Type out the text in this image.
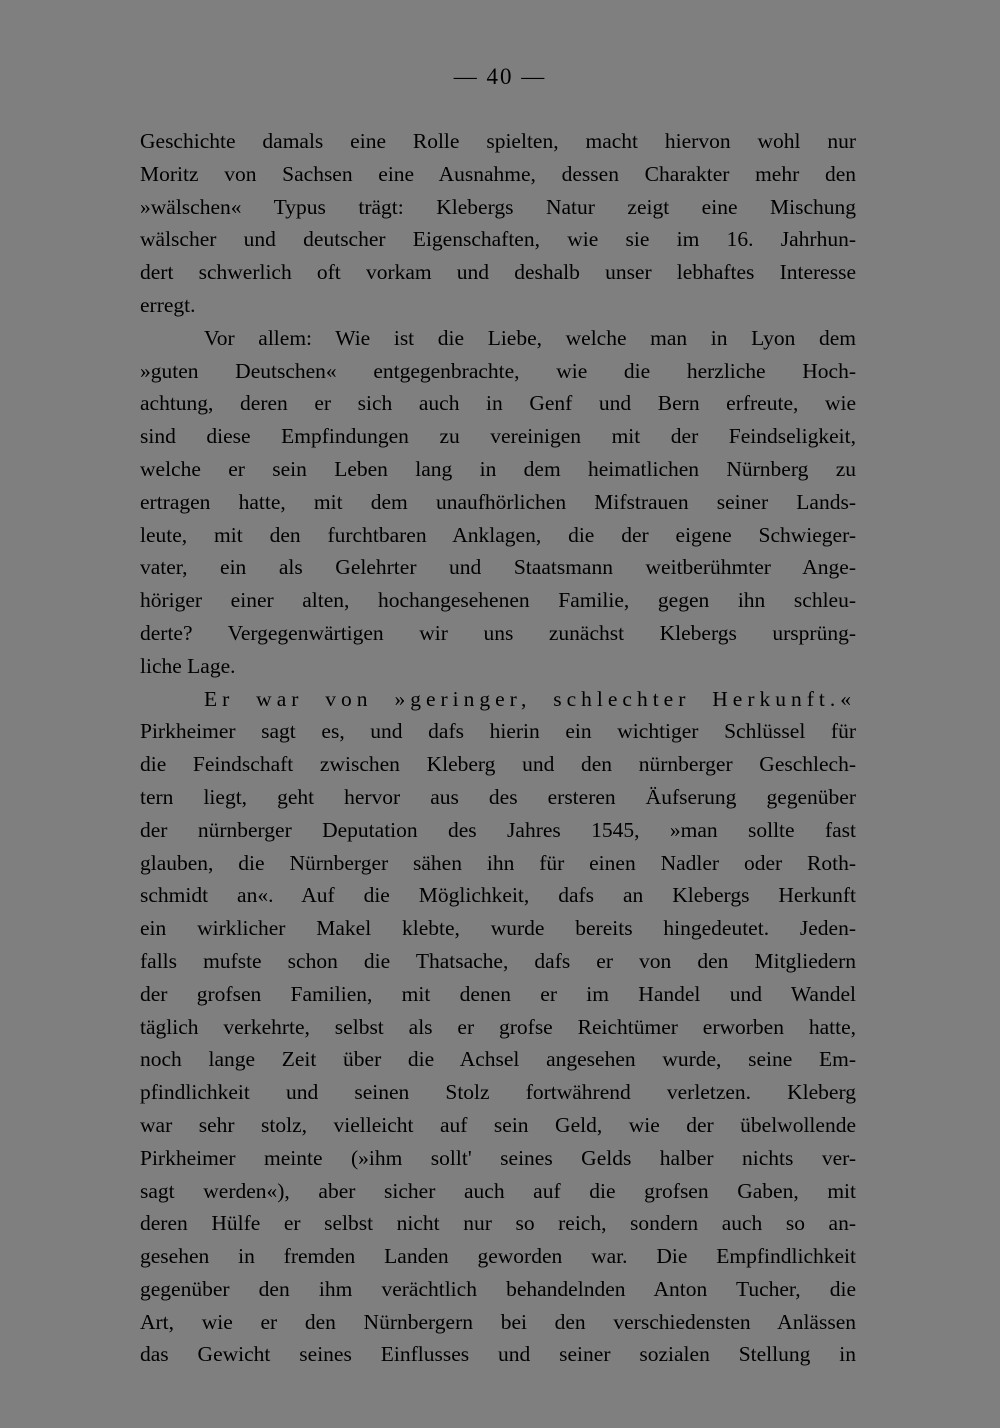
— 40 —
Geschichte damals eine Rolle spielten, macht hiervon wohl nur
Moritz von Sachsen eine Ausnahme, dessen Charakter mehr den
»wälschen« Typus trägt: Klebergs Natur zeigt eine Mischung
wälscher und deutscher Eigenschaften, wie sie im 16. Jahrhun-
dert schwerlich oft vorkam und deshalb unser lebhaftes Interesse
erregt.
Vor allem: Wie ist die Liebe, welche man in Lyon dem
»guten Deutschen« entgegenbrachte, wie die herzliche Hoch-
achtung, deren er sich auch in Genf und Bern erfreute, wie
sind diese Empfindungen zu vereinigen mit der Feindseligkeit,
welche er sein Leben lang in dem heimatlichen Nürnberg zu
ertragen hatte, mit dem unaufhörlichen Mifstrauen seiner Lands-
leute, mit den furchtbaren Anklagen, die der eigene Schwieger-
vater, ein als Gelehrter und Staatsmann weitberühmter Ange-
höriger einer alten, hochangesehenen Familie, gegen ihn schleu-
derte? Vergegenwärtigen wir uns zunächst Klebergs ursprüng-
liche Lage.
Er war von »geringer, schlechter Herkunft.«
Pirkheimer sagt es, und dafs hierin ein wichtiger Schlüssel für
die Feindschaft zwischen Kleberg und den nürnberger Geschlech-
tern liegt, geht hervor aus des ersteren Äufserung gegenüber
der nürnberger Deputation des Jahres 1545, »man sollte fast
glauben, die Nürnberger sähen ihn für einen Nadler oder Roth-
schmidt an«. Auf die Möglichkeit, dafs an Klebergs Herkunft
ein wirklicher Makel klebte, wurde bereits hingedeutet. Jeden-
falls mufste schon die Thatsache, dafs er von den Mitgliedern
der grofsen Familien, mit denen er im Handel und Wandel
täglich verkehrte, selbst als er grofse Reichtümer erworben hatte,
noch lange Zeit über die Achsel angesehen wurde, seine Em-
pfindlichkeit und seinen Stolz fortwährend verletzen. Kleberg
war sehr stolz, vielleicht auf sein Geld, wie der übelwollende
Pirkheimer meinte (»ihm sollt' seines Gelds halber nichts ver-
sagt werden«), aber sicher auch auf die grofsen Gaben, mit
deren Hülfe er selbst nicht nur so reich, sondern auch so an-
gesehen in fremden Landen geworden war. Die Empfindlichkeit
gegenüber den ihm verächtlich behandelnden Anton Tucher, die
Art, wie er den Nürnbergern bei den verschiedensten Anlässen
das Gewicht seines Einflusses und seiner sozialen Stellung in
